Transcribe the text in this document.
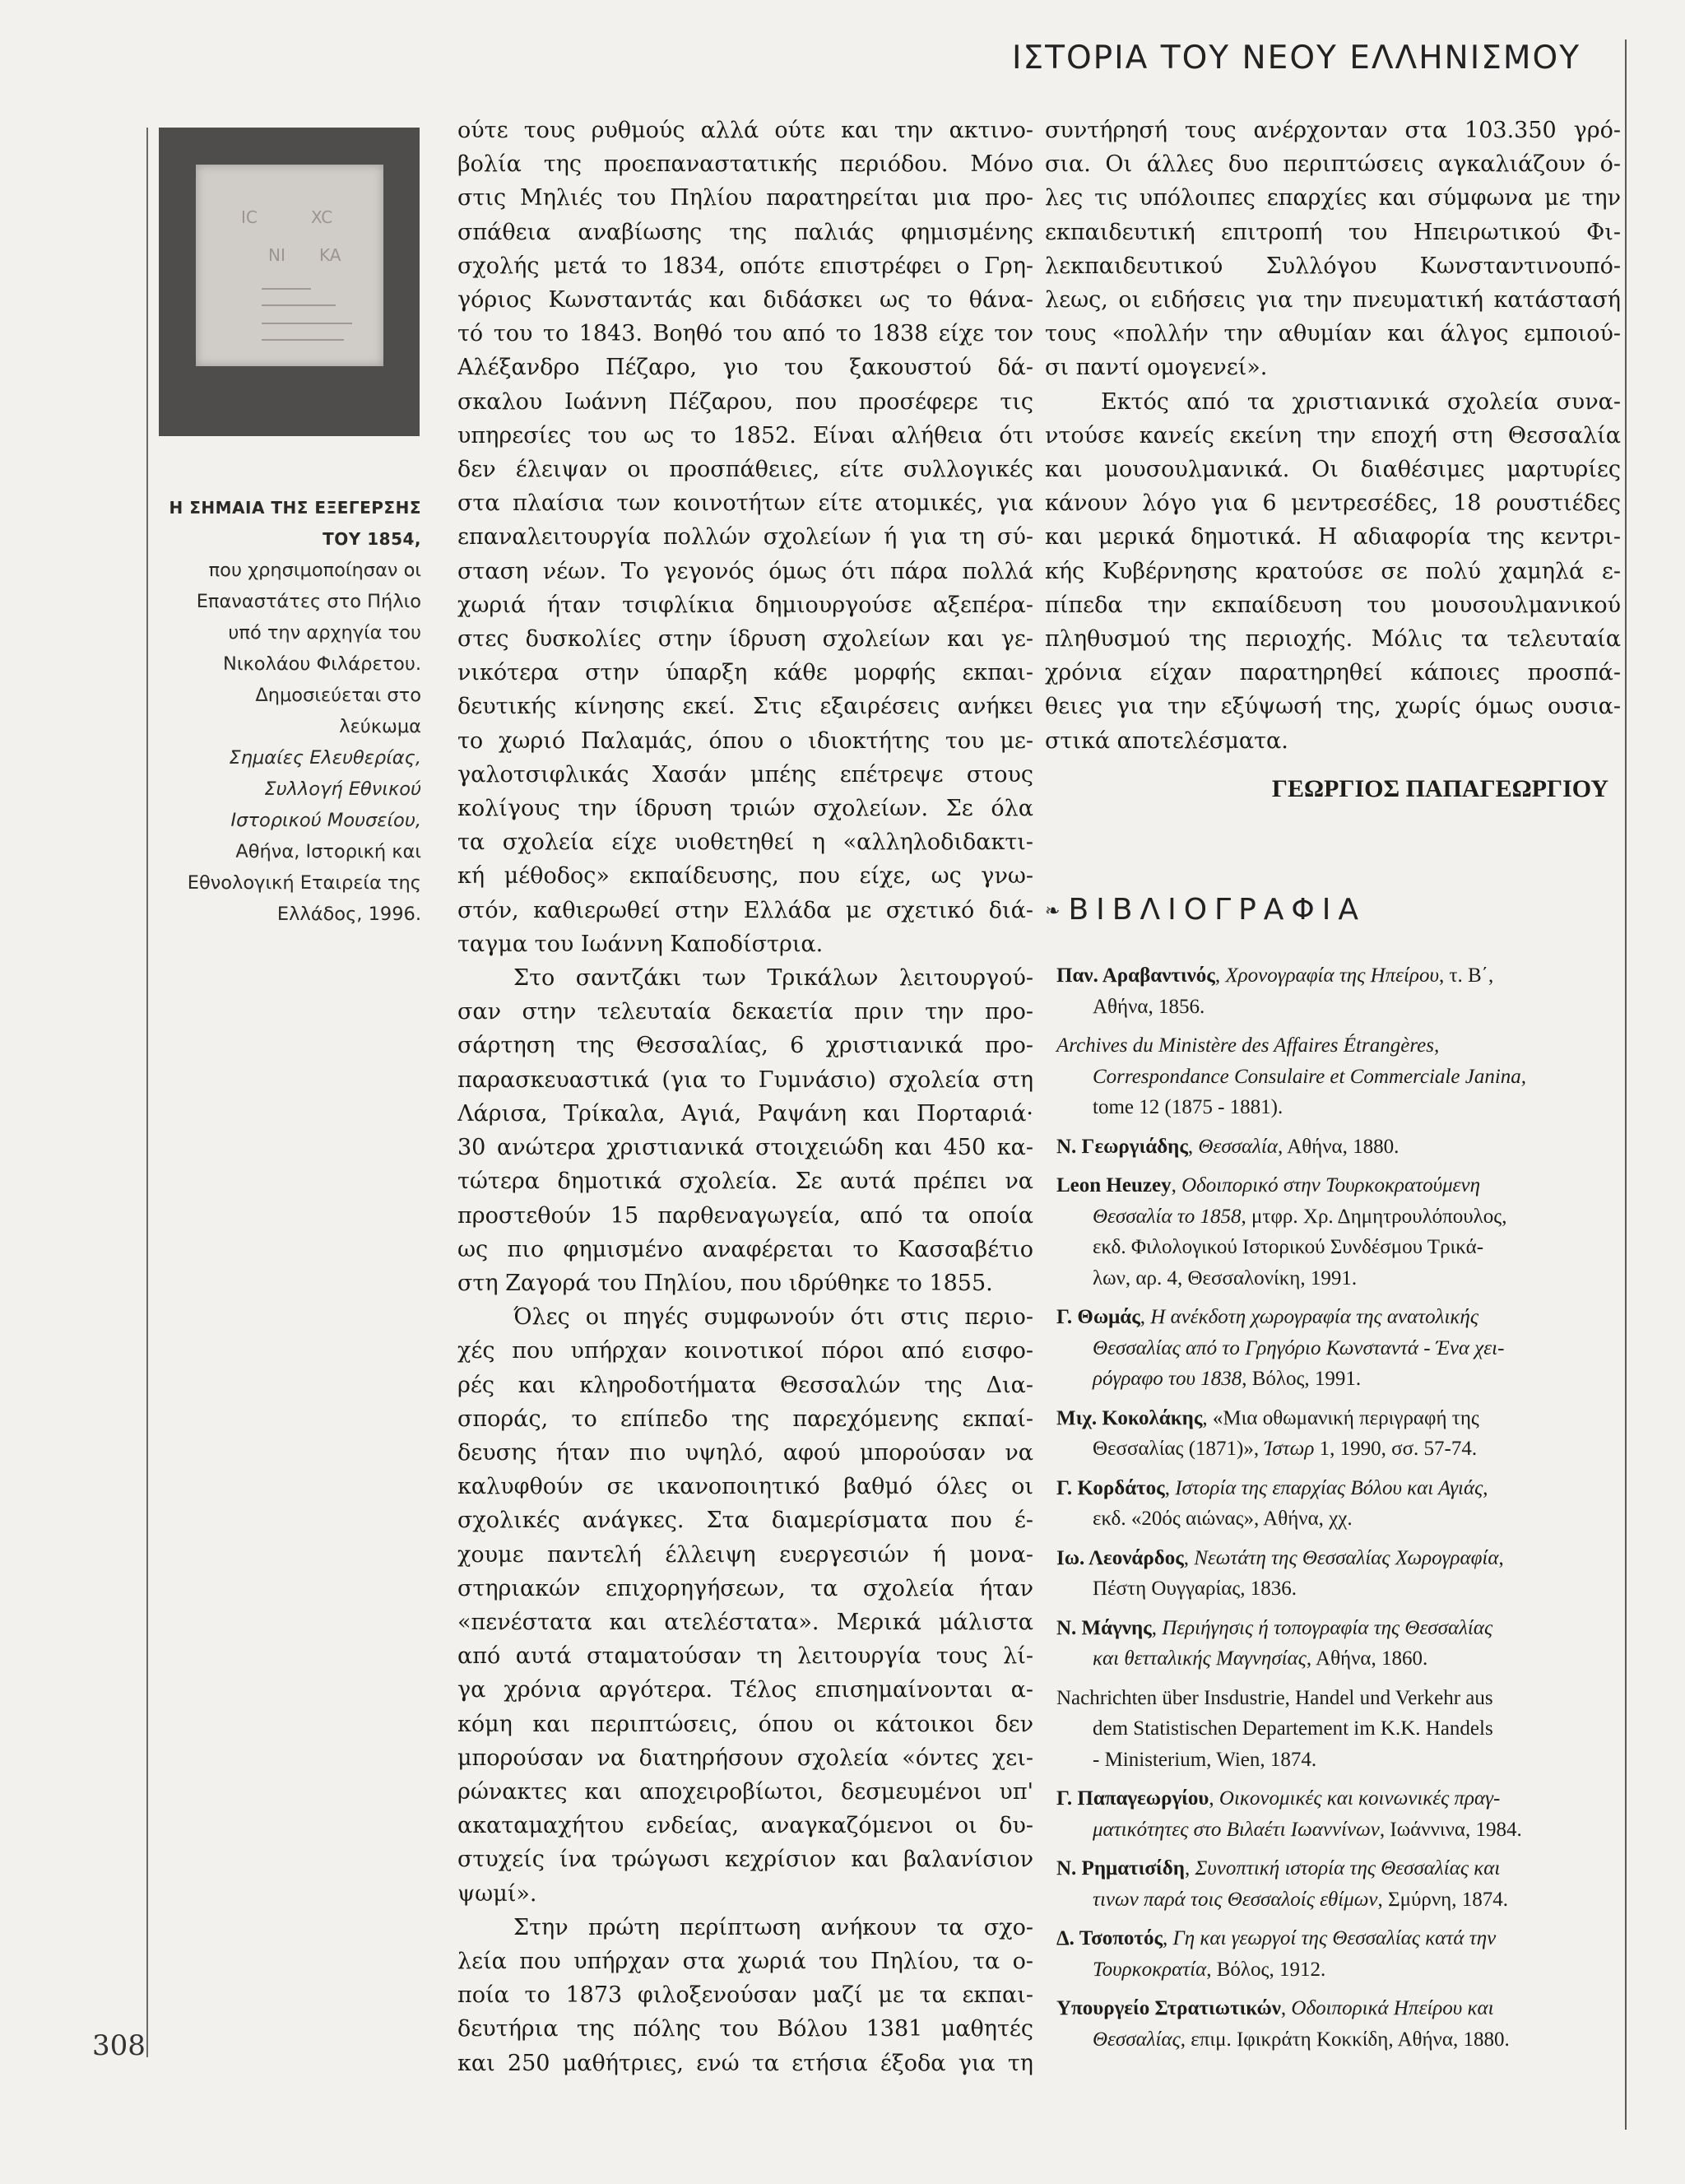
ΙΣΤΟΡΙΑ ΤΟΥ ΝΕΟΥ ΕΛΛΗΝΙΣΜΟΥ
308
IC	XC
NI KA
Η ΣΗΜΑΙΑ ΤΗΣ ΕΞΕΓΕΡΣΗΣ
ΤΟΥ 1854,
που χρησιμοποίησαν οι
Επαναστάτες στο Πήλιο
υπό την αρχηγία του
Νικολάου Φιλάρετου.
Δημοσιεύεται στο
λεύκωμα
Σημαίες Ελευθερίας,
Συλλογή Εθνικού
Ιστορικού Μουσείου,
Αθήνα, Ιστορική και
Εθνολογική Εταιρεία της
Ελλάδος, 1996.
ούτε τους ρυθμούς αλλά ούτε και την ακτινο-
βολία της προεπαναστατικής περιόδου. Μόνο
στις Μηλιές του Πηλίου παρατηρείται μια προ-
σπάθεια αναβίωσης της παλιάς φημισμένης
σχολής μετά το 1834, οπότε επιστρέφει ο Γρη-
γόριος Κωνσταντάς και διδάσκει ως το θάνα-
τό του το 1843. Βοηθό του από το 1838 είχε τον
Αλέξανδρο Πέζαρο, γιο του ξακουστού δά-
σκαλου Ιωάννη Πέζαρου, που προσέφερε τις
υπηρεσίες του ως το 1852. Είναι αλήθεια ότι
δεν έλειψαν οι προσπάθειες, είτε συλλογικές
στα πλαίσια των κοινοτήτων είτε ατομικές, για
επαναλειτουργία πολλών σχολείων ή για τη σύ-
σταση νέων. Το γεγονός όμως ότι πάρα πολλά
χωριά ήταν τσιφλίκια δημιουργούσε αξεπέρα-
στες δυσκολίες στην ίδρυση σχολείων και γε-
νικότερα στην ύπαρξη κάθε μορφής εκπαι-
δευτικής κίνησης εκεί. Στις εξαιρέσεις ανήκει
το χωριό Παλαμάς, όπου ο ιδιοκτήτης του με-
γαλοτσιφλικάς Χασάν μπέης επέτρεψε στους
κολίγους την ίδρυση τριών σχολείων. Σε όλα
τα σχολεία είχε υιοθετηθεί η «αλληλοδιδακτι-
κή μέθοδος» εκπαίδευσης, που είχε, ως γνω-
στόν, καθιερωθεί στην Ελλάδα με σχετικό διά-
ταγμα του Ιωάννη Καποδίστρια.
Στο σαντζάκι των Τρικάλων λειτουργού-
σαν στην τελευταία δεκαετία πριν την προ-
σάρτηση της Θεσσαλίας, 6 χριστιανικά προ-
παρασκευαστικά (για το Γυμνάσιο) σχολεία στη
Λάρισα, Τρίκαλα, Αγιά, Ραψάνη και Πορταριά·
30 ανώτερα χριστιανικά στοιχειώδη και 450 κα-
τώτερα δημοτικά σχολεία. Σε αυτά πρέπει να
προστεθούν 15 παρθεναγωγεία, από τα οποία
ως πιο φημισμένο αναφέρεται το Κασσαβέτιο
στη Ζαγορά του Πηλίου, που ιδρύθηκε το 1855.
Όλες οι πηγές συμφωνούν ότι στις περιο-
χές που υπήρχαν κοινοτικοί πόροι από εισφο-
ρές και κληροδοτήματα Θεσσαλών της Δια-
σποράς, το επίπεδο της παρεχόμενης εκπαί-
δευσης ήταν πιο υψηλό, αφού μπορούσαν να
καλυφθούν σε ικανοποιητικό βαθμό όλες οι
σχολικές ανάγκες. Στα διαμερίσματα που έ-
χουμε παντελή έλλειψη ευεργεσιών ή μονα-
στηριακών επιχορηγήσεων, τα σχολεία ήταν
«πενέστατα και ατελέστατα». Μερικά μάλιστα
από αυτά σταματούσαν τη λειτουργία τους λί-
γα χρόνια αργότερα. Τέλος επισημαίνονται α-
κόμη και περιπτώσεις, όπου οι κάτοικοι δεν
μπορούσαν να διατηρήσουν σχολεία «όντες χει-
ρώνακτες και αποχειροβίωτοι, δεσμευμένοι υπ'
ακαταμαχήτου ενδείας, αναγκαζόμενοι οι δυ-
στυχείς ίνα τρώγωσι κεχρίσιον και βαλανίσιον
ψωμί».
Στην πρώτη περίπτωση ανήκουν τα σχο-
λεία που υπήρχαν στα χωριά του Πηλίου, τα ο-
ποία το 1873 φιλοξενούσαν μαζί με τα εκπαι-
δευτήρια της πόλης του Βόλου 1381 μαθητές
και 250 μαθήτριες, ενώ τα ετήσια έξοδα για τη
συντήρησή τους ανέρχονταν στα 103.350 γρό-
σια. Οι άλλες δυο περιπτώσεις αγκαλιάζουν ό-
λες τις υπόλοιπες επαρχίες και σύμφωνα με την
εκπαιδευτική επιτροπή του Ηπειρωτικού Φι-
λεκπαιδευτικού Συλλόγου Κωνσταντινουπό-
λεως, οι ειδήσεις για την πνευματική κατάστασή
τους «πολλήν την αθυμίαν και άλγος εμποιού-
σι παντί ομογενεί».
Εκτός από τα χριστιανικά σχολεία συνα-
ντούσε κανείς εκείνη την εποχή στη Θεσσαλία
και μουσουλμανικά. Οι διαθέσιμες μαρτυρίες
κάνουν λόγο για 6 μεντρεσέδες, 18 ρουστιέδες
και μερικά δημοτικά. Η αδιαφορία της κεντρι-
κής Κυβέρνησης κρατούσε σε πολύ χαμηλά ε-
πίπεδα την εκπαίδευση του μουσουλμανικού
πληθυσμού της περιοχής. Μόλις τα τελευταία
χρόνια είχαν παρατηρηθεί κάποιες προσπά-
θειες για την εξύψωσή της, χωρίς όμως ουσια-
στικά αποτελέσματα.
ΓΕΩΡΓΙΟΣ ΠΑΠΑΓΕΩΡΓΙΟΥ
❧ ΒΙΒΛΙΟΓΡΑΦΙΑ
Παν. Αραβαντινός, Χρονογραφία της Ηπείρου, τ. Β΄,
Αθήνα, 1856.
Archives du Ministère des Affaires Étrangères,
Correspondance Consulaire et Commerciale Janina,
tome 12 (1875 - 1881).
Ν. Γεωργιάδης, Θεσσαλία, Αθήνα, 1880.
Leon Heuzey, Οδοιπορικό στην Τουρκοκρατούμενη
Θεσσαλία το 1858, μτφρ. Χρ. Δημητρουλόπουλος,
εκδ. Φιλολογικού Ιστορικού Συνδέσμου Τρικά-
λων, αρ. 4, Θεσσαλονίκη, 1991.
Γ. Θωμάς, Η ανέκδοτη χωρογραφία της ανατολικής
Θεσσαλίας από το Γρηγόριο Κωνσταντά - Ένα χει-
ρόγραφο του 1838, Βόλος, 1991.
Μιχ. Κοκολάκης, «Μια οθωμανική περιγραφή της
Θεσσαλίας (1871)», Ίστωρ 1, 1990, σσ. 57-74.
Γ. Κορδάτος, Ιστορία της επαρχίας Βόλου και Αγιάς,
εκδ. «20ός αιώνας», Αθήνα, χχ.
Ιω. Λεονάρδος, Νεωτάτη της Θεσσαλίας Χωρογραφία,
Πέστη Ουγγαρίας, 1836.
Ν. Μάγνης, Περιήγησις ή τοπογραφία της Θεσσαλίας
και θετταλικής Μαγνησίας, Αθήνα, 1860.
Nachrichten über Insdustrie, Handel und Verkehr aus
dem Statistischen Departement im K.K. Handels
- Ministerium, Wien, 1874.
Γ. Παπαγεωργίου, Οικονομικές και κοινωνικές πραγ-
ματικότητες στο Βιλαέτι Ιωαννίνων, Ιωάννινα, 1984.
Ν. Ρηματισίδη, Συνοπτική ιστορία της Θεσσαλίας και
τινων παρά τοις Θεσσαλοίς εθίμων, Σμύρνη, 1874.
Δ. Τσοποτός, Γη και γεωργοί της Θεσσαλίας κατά την
Τουρκοκρατία, Βόλος, 1912.
Υπουργείο Στρατιωτικών, Οδοιπορικά Ηπείρου και
Θεσσαλίας, επιμ. Ιφικράτη Κοκκίδη, Αθήνα, 1880.
